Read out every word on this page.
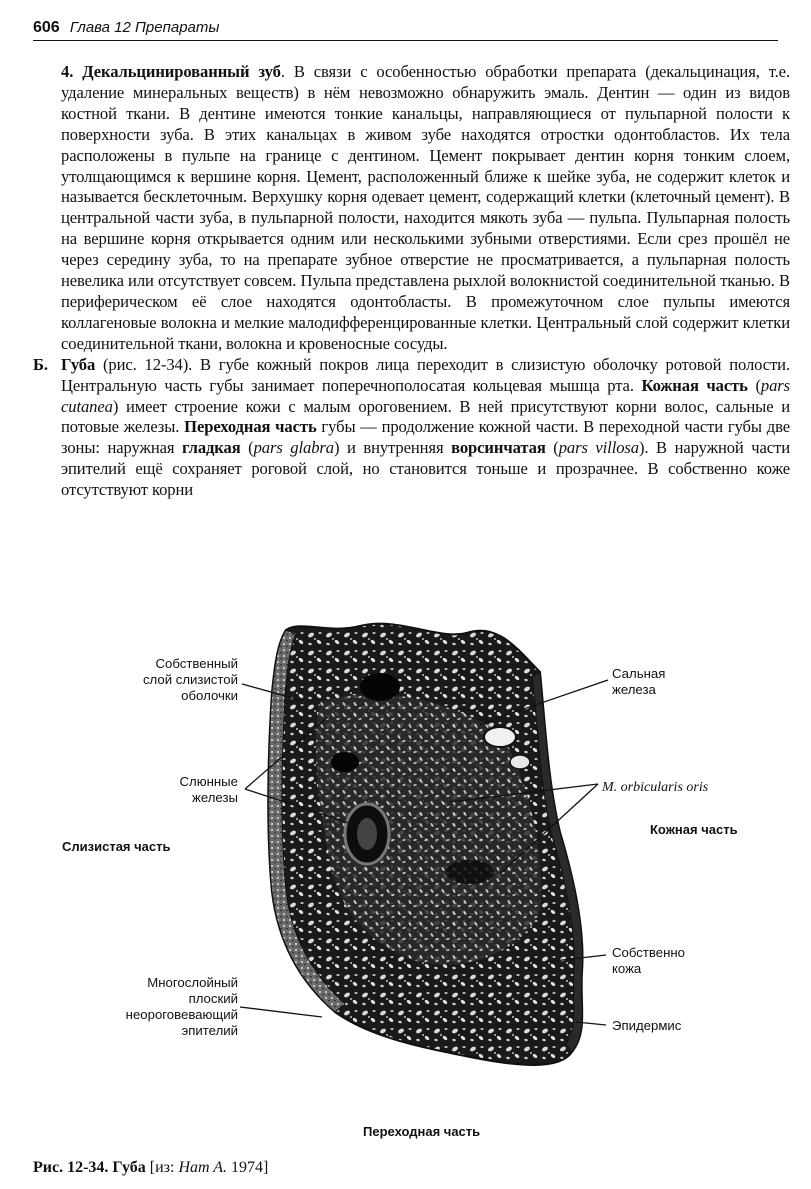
606 Глава 12 Препараты

4. Декальцинированный зуб. В связи с особенностью обработки препарата (декальцинация, т.е. удаление минеральных веществ) в нём невозможно обнаружить эмаль. Дентин — один из видов костной ткани. В дентине имеются тонкие канальцы, направляющиеся от пульпарной полости к поверхности зуба. В этих канальцах в живом зубе находятся отростки одонтобластов. Их тела расположены в пульпе на границе с дентином. Цемент покрывает дентин корня тонким слоем, утолщающимся к вершине корня. Цемент, расположенный ближе к шейке зуба, не содержит клеток и называется бесклеточным. Верхушку корня одевает цемент, содержащий клетки (клеточный цемент). В центральной части зуба, в пульпарной полости, находится мякоть зуба — пульпа. Пульпарная полость на вершине корня открывается одним или несколькими зубными отверстиями. Если срез прошёл не через середину зуба, то на препарате зубное отверстие не просматривается, а пульпарная полость невелика или отсутствует совсем. Пульпа представлена рыхлой волокнистой соединительной тканью. В периферическом её слое находятся одонтобласты. В промежуточном слое пульпы имеются коллагеновые волокна и мелкие малодифференцированные клетки. Центральный слой содержит клетки соединительной ткани, волокна и кровеносные сосуды.

Б. Губа (рис. 12-34). В губе кожный покров лица переходит в слизистую оболочку ротовой полости. Центральную часть губы занимает поперечнополосатая кольцевая мышца рта. Кожная часть (pars cutanea) имеет строение кожи с малым ороговением. В ней присутствуют корни волос, сальные и потовые железы. Переходная часть губы — продолжение кожной части. В переходной части губы две зоны: наружная гладкая (pars glabra) и внутренняя ворсинчатая (pars villosa). В наружной части эпителий ещё сохраняет роговой слой, но становится тоньше и прозрачнее. В собственно коже отсутствуют корни

Собственный
слой слизистой
оболочки
Слюнные
железы
Слизистая часть
Многослойный
плоский
неороговевающий
эпителий
Сальная
железа
M. orbicularis oris
Кожная часть
Собственно
кожа
Эпидермис
Переходная часть
Рис. 12-34. Губа [из: Ham A. 1974]
